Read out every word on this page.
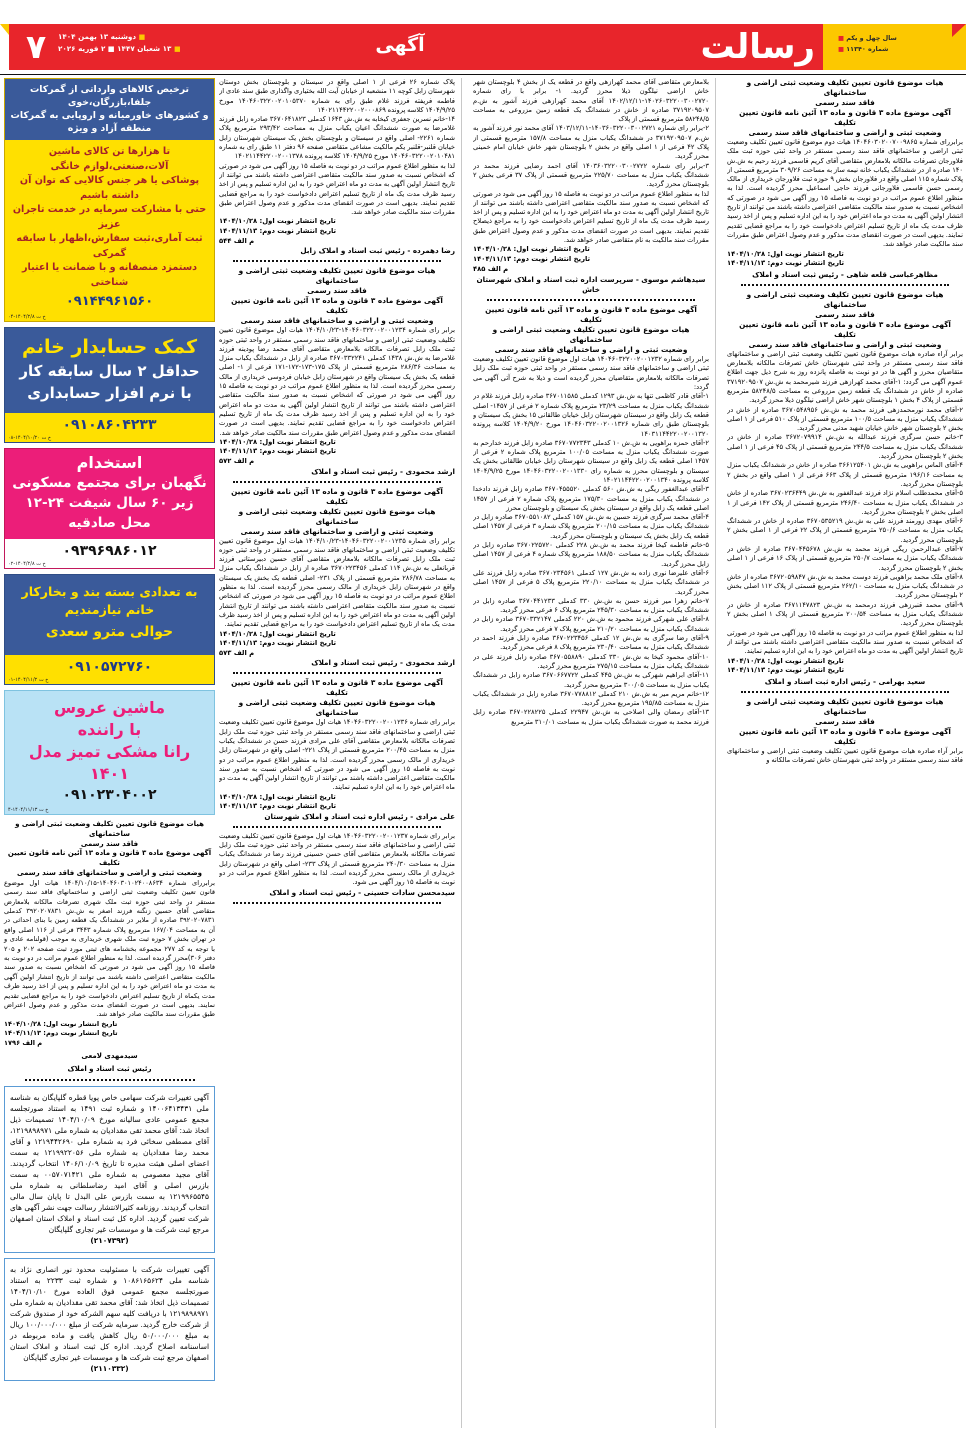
۷	■ دوشنبه ۱۳ بهمن ۱۴۰۴
■ ۱۳ شعبان ۱۴۴۷ ■ ۲ فوریه ۲۰۲۶	آگهی	رسالت	سال چهل و یکم ■
شماره ۱۱۳۴۰ ■
ترخیص کالاهای وارداتی از گمرکات جلفا،بازرگان،خوی
و کشورهای خاورمیانه و اروپایی به گمرکات منطقه آزاد و ویژه
تا هزارها تن کالای ماشین آلات،صنعتی،لوازم خانگی
پوشاکی یا هر جنس کالایی که توان آن داشته باشیم
حتی با مشارکت سرمایه در خدمت تاجران عزیز
ثبت آماری،ثبت سفارش،اظهار با سابقه گمرکی
دستمزد منصفانه و با ضمانت یا اعتبار شناختی
۰۹۱۴۴۹۶۱۵۶۰
خ ت ۱۴۰۴/۲/۸-۰۴
کمک حسابدار خانم
حداقل ۲ سال سابقه کار
با نرم افزار حسابداری
۰۹۱۰۸۶۰۴۲۳۳
خ ت ۱۴۰۴/۱۰/۲۰-۰۸
استخدام
نگهبان برای مجتمع مسکونی
زیر ۶۰ سال شیفت ۲۴-۱۲ محل صادقیه
۰۹۳۹۶۹۸۶۰۱۲
خ ت ۱۴۰۴/۲/۸-۰۲
به تعدادی بسته بند و بخارکار خانم نیازمندیم
حوالی مترو سعدی
۰۹۱۰۵۷۲۷۶۰
خ ت ۱۴۰۴/۱۱/۲-۰۱
ماشین عروس
با راننده
رانا مشکی تمیز مدل ۱۴۰۱
۰۹۱۰۲۳۰۴۰۰۲
خ ت ۱۴۰۴/۱۱/۱۳-۴
هیات موضوع قانون تعیین تکلیف وضعیت ثبتی اراضی و ساختمانهای
فاقد سند رسمی
آگهی موضوع ماده ۳ قانون و ماده ۱۳ آئین نامه قانون تعیین تکلیف
وضعیت ثبتی و اراضی و ساختمانهای فاقد سند رسمی
برابررای شماره ۱۴۰۴۶۰۳۰۱۰۲۴۰۰۸۶۳۴-۱۴۰۴/۱۰/۱۵ هیات اول موضوع قانون تعیین تکلیف وضعیت ثبتی اراضی و ساختمانهای فاقد سند رسمی مستقر در واحد ثبتی حوزه ثبت ملک شهری تصرفات مالکانه بلامعارض متقاضی آقای حسین زنگنه فرزند اصغر به ش.ش ۳۹۲۰۲۰۷۸۳۱ کدملی ۳۹۲۰۲۰۷۸۳۱ صادره از ملایر در ششدانگ یک قطعه زمین با بنای احداثی در آن به مساحت ۱۶۷/۰۴ مترمربع پلاک شماره ۳۴۴۳ فرعی از ۱۱۶ اصلی واقع در تهران بخش ۷ حوزه ثبت ملک شهری خریداری به موجب (قولنامه عادی و با توجه به کد ۲۷۷ مجموعه بخشنامه های ثبتی مورد ثبت صفحه ۲۰۲ و ۲۰۵ دفتر ۳۰۶)محرز گردیده است. لذا به منظور اطلاع عموم مراتب در دو نوبت به فاصله ۱۵ روز آگهی می شود در صورتی که اشخاص نسبت به صدور سند مالکیت متقاضی اعتراضی داشته باشند می توانند از تاریخ انتشار اولین آگهی به مدت دو ماه اعتراض خود را به این اداره تسلیم و پس از اخذ رسید ظرف مدت یکماه از تاریخ تسلیم اعتراض دادخواست خود را به مراجع قضایی تقدیم نمایند. بدیهی است در صورت انقضای مدت مذکور و عدم وصول اعتراض طبق مقررات سند مالکیت صادر خواهد شد.
تاریخ انتشار نوبت اول: ۱۴۰۴/۱۰/۲۸
تاریخ انتشار نوبت دوم: ۱۴۰۴/۱۱/۱۳
م الف ۱۷۹۶
سیدمهدی لامعی
رئیس ثبت اسناد و املاک
آگهی تغییرات شرکت سهامی خاص پویا قطره گلپایگان به شناسه ملی ۱۴۰۰۶۴۱۳۴۳۱ و شماره ثبت ۱۴۹۱ به استناد صورتجلسه مجمع عمومی عادی سالیانه مورخ ۱۴۰۴/۱۰/۰۹ تصمیمات ذیل اتخاذ شد: آقای محمد تقی مقدادیان به شماره ملی ۱۲۱۹۸۹۸۹۷۱، آقای مصطفی سخائی فرد به شماره ملی ۱۲۱۹۴۴۲۶۹۰ و آقای محمد رضا مقدادیان به شماره ملی ۱۲۱۹۹۲۲۰۵۶ به سمت اعضای اصلی هیئت مدیره تا تاریخ ۱۴۰۶/۱۰/۰۹ انتخاب گردیدند. آقای مجید معصومی به شماره ملی ۰۰۵۷۰۷۱۴۲۱ به سمت بازرس اصلی و آقای امید رضاسلطانی به شماره ملی ۱۲۱۹۹۶۵۵۴۵ به سمت بازرس علی البدل تا پایان سال مالی انتخاب گردیدند. روزنامه کثیرالانتشار رسالت جهت نشر آگهی های شرکت تعیین گردید. اداره کل ثبت اسناد و املاک استان اصفهان مرجع ثبت شرکت ها و موسسات غیر تجاری گلپایگان
(۲۱۰۷۳۹۲)
آگهی تغییرات شرکت با مسئولیت محدود نور انصاری نژاد به شناسه ملی ۱۰۸۶۱۶۵۶۲۴ و شماره ثبت ۲۲۳۳ به استناد صورتجلسه مجمع عمومی فوق العاده مورخ ۱۴۰۴/۱۰/۱۰ تصمیمات ذیل اتخاذ شد: آقای محمد تقی مقدادیان به شماره ملی ۱۲۱۹۸۹۸۹۷۱ با دریافت کلیه سهم الشرکه خود از صندوق شرکت از شرکت خارج گردید. سرمایه شرکت از مبلغ ۱۰۰/۰۰۰/۰۰۰ ریال به مبلغ ۵۰/۰۰۰/۰۰۰ ریال کاهش یافت و ماده مربوطه در اساسنامه اصلاح گردید. اداره کل ثبت اسناد و املاک استان اصفهان مرجع ثبت شرکت ها و موسسات غیر تجاری گلپایگان
(۲۱۱۰۳۳۲)
هیات موضوع قانون تعیین تکلیف وضعیت ثبتی اراضی و ساختمانهای
فاقد سند رسمی
آگهی موضوع ماده ۳ قانون و ماده ۱۳ آئین نامه قانون تعیین تکلیف
وضعیت ثبتی و اراضی و ساختمانهای فاقد سند رسمی
برابررای شماره ۱۴۰۴۶۰۳۰۲۰۰۷۰۰۹۸۶۵ هیات دوم موضوع قانون تعیین تکلیف وضعیت ثبتی اراضی و ساختمانهای فاقد سند رسمی مستقر در واحد ثبتی حوزه ثبت ملک فلاورجان تصرفات مالکانه بلامعارض متقاضی آقای کریم قاسمی فرزند رحیم به ش.ش ۱۴۰ صادره از در ششدانگ یکباب خانه نیمه ساز به مساحت ۳۰۹/۲۶ مترمربع قسمتی از پلاک شماره ۱۱۵ اصلی واقع در فلاورجان بخش ۹ حوزه ثبت فلاورجان خریداری از مالک رسمی حسن قاسمی فلاورجانی فرزند حاجی اسماعیل محرز گردیده است. لذا به منظور اطلاع عموم مراتب در دو نوبت به فاصله ۱۵ روز آگهی می شود در صورتی که اشخاص نسبت به صدور سند مالکیت متقاضی اعتراضی داشته باشند می توانند از تاریخ انتشار اولین آگهی به مدت دو ماه اعتراض خود را به این اداره تسلیم و پس از اخذ رسید ظرف مدت یک ماه از تاریخ تسلیم اعتراض دادخواست خود را به مراجع قضایی تقدیم نمایند. بدیهی است در صورت انقضای مدت مذکور و عدم وصول اعتراض طبق مقررات سند مالکیت صادر خواهد شد.
تاریخ انتشار نوبت اول: ۱۴۰۴/۱۰/۲۸
تاریخ انتشار نوبت دوم: ۱۴۰۴/۱۱/۱۳
مظاهرعباسی قلعه شاهی - رئیس ثبت اسناد و املاک
هیات موضوع قانون تعیین تکلیف وضعیت ثبتی اراضی و ساختمانهای
فاقد سند رسمی
آگهی موضوع ماده ۳ قانون و ماده ۱۳ آئین نامه قانون تعیین تکلیف
وضعیت ثبتی و اراضی و ساختمانهای فاقد سند رسمی
برابر آراء صادره هیات موضوع قانون تعیین تکلیف وضعیت ثبتی اراضی و ساختمانهای فاقد سند رسمی مستقر در واحد ثبتی شهرستان خاش تصرفات مالکانه بلامعارض متقاضیان محرز و آگهی ها در دو نوبت به فاصله پانزده روز به شرح ذیل جهت اطلاع عموم آگهی می گردد: ۱-آقای محمد کهرازهی فرزند شیرمحمد به ش.ش ۳۷۱۹۲۰۹۵۰۷ صادره از خاش در ششدانگ یک قطعه زمین مزروعی به مساحت ۵۸۲۴۸/۵ مترمربع قسمتی از پلاک ۴ بخش ۱ بلوچستان شهر خاش اراضی نیلگون ذیلا محرز گردید.
۲-آقای محمد نورمحمدزهی فرزند محمد به ش.ش ۳۶۷۰۵۴۸۹۵۶ صادره از خاش در ششدانگ یکباب منزل به مساحت ۱۰۰/۵ مترمربع قسمتی از پلاک ۵۱۰ فرعی از ۱ اصلی بخش ۲ بلوچستان شهر خاش خیابان شهید مدنی محرز گردید.
۳-خانم حسن سرگزی فرزند عبدالله به ش.ش ۳۶۷۲۰۷۹۹۱۴ صادره از خاش در ششدانگ یکباب منزل به مساحت ۲۴۴/۵ مترمربع قسمتی از پلاک ۴۵ فرعی از ۱ اصلی بخش ۲ بلوچستان محرز گردید.
۴-آقای الماس براهویی به ش.ش ۳۶۶۱۲۵۴۰۱ صادره از خاش در ششدانگ یکباب منزل به مساحت ۱۹۶/۱۶ مترمربع قسمتی از پلاک ۶۶۳ فرعی از ۱ اصلی واقع در بخش ۲ بلوچستان محرز گردید.
۵-آقای محمدطلب اسلام نژاد فرزند عبدالغفور به ش.ش ۳۶۷۰۲۳۶۴۴۹ صادره از خاش در ششدانگ یکباب منزل به مساحت ۲۴۶/۴۰ مترمربع قسمتی از پلاک ۱۴۲ فرعی از ۱ اصلی بخش ۲ بلوچستان محرز گردید.
۶-آقای مهدی زورمند فرزند علی به ش.ش ۳۶۷۰۵۳۵۲۱۹ صادره از خاش در ششدانگ یکباب منزل به مساحت ۲۵۰/۶ مترمربع قسمتی از پلاک ۲۲ فرعی از ۱ اصلی بخش ۲ بلوچستان محرز گردید.
۷-آقای عبدالرحمن ریگی فرزند محمد به ش.ش ۳۶۷۰۴۴۵۶۷۸ صادره از خاش در ششدانگ یکباب منزل به مساحت ۲۵۰/۷ مترمربع قسمتی از پلاک ۱۶ فرعی از ۱ اصلی بخش ۲ بلوچستان محرز گردید.
۸-آقای ملک محمد براهویی فرزند دوست محمد به ش.ش ۳۶۷۲۰۵۹۸۴۷ صادره از خاش در ششدانگ یکباب منزل به مساحت ۲۶۲/۱۰ مترمربع قسمتی از پلاک ۱۱۲ اصلی بخش ۲ بلوچستان محرز گردید.
۹-آقای محمد قنبرزهی فرزند درمحمد به ش.ش ۳۶۷۱۱۴۷۸۲۳ صادره از خاش در ششدانگ یکباب منزل به مساحت ۲۰۰/۵۴ مترمربع قسمتی از پلاک ۱ اصلی بخش ۲ بلوچستان محرز گردید.
لذا به منظور اطلاع عموم مراتب در دو نوبت به فاصله ۱۵ روز آگهی می شود در صورتی که اشخاص نسبت به صدور سند مالکیت متقاضی اعتراضی داشته باشند می توانند از تاریخ انتشار اولین آگهی به مدت دو ماه اعتراض خود را به این اداره تسلیم نمایند.
تاریخ انتشار نوبت اول: ۱۴۰۴/۱۰/۲۸
تاریخ انتشار نوبت دوم: ۱۴۰۴/۱۱/۱۳
سعید بهرامی - رئیس اداره ثبت اسناد و املاک
هیات موضوع قانون تعیین تکلیف وضعیت ثبتی اراضی و ساختمانهای
فاقد سند رسمی
آگهی موضوع ماده ۳ قانون و ماده ۱۳ آئین نامه قانون تعیین تکلیف
برابر آراء صادره هیات موضوع قانون تعیین تکلیف وضعیت ثبتی اراضی و ساختمانهای فاقد سند رسمی مستقر در واحد ثبتی شهرستان خاش تصرفات مالکانه و
بلامعارض متقاضی آقای محمد کهرازهی واقع در قطعه یک از بخش ۴ بلوچستان شهر خاش اراضی نیلگون ذیلا محرز گردید. ۱- برابر با رای شماره ۱۴۰۲۶۰۳۲۲۰۰۳۰۰۲۷۲۰-۱۴۰۲/۱۲/۱۱ آقای محمد کهرازهی فرزند آشور به ش.م ۳۷۱۹۲۰۹۵۰۷ صادره از خاش در ششدانگ یک قطعه زمین مزروعی به مساحت ۵۸۲۴۸/۵ مترمربع قسمتی از پلاک
۲-برابر رای شماره ۱۴۰۳۶۰۳۲۲۰۰۳۰۰۲۷۲۱-۱۴۰۳/۱۲/۱۱ آقای محمد نور فرزند آشور به ش.م ۳۷۱۹۲۰۹۵۰۷ در ششدانگ یکباب منزل به مساحت ۱۵۷/۸ مترمربع قسمتی از پلاک ۴۲ فرعی از ۱ اصلی واقع در بخش ۲ بلوچستان شهر خاش خیابان امام خمینی محرز گردید.
۳-برابر رای شماره ۱۴۰۳۶۰۳۲۲۰۰۳۰۰۲۷۲۲ آقای احمد رضایی فرزند محمد در ششدانگ یکباب منزل به مساحت ۲۲۵/۷۰ مترمربع قسمتی از پلاک ۳۷ فرعی بخش ۲ بلوچستان محرز گردید.
لذا به منظور اطلاع عموم مراتب در دو نوبت به فاصله ۱۵ روز آگهی می شود در صورتی که اشخاص نسبت به صدور سند مالکیت متقاضی اعتراضی داشته باشند می توانند از تاریخ انتشار اولین آگهی به مدت دو ماه اعتراض خود را به این اداره تسلیم و پس از اخذ رسید ظرف مدت یک ماه از تاریخ تسلیم اعتراض دادخواست خود را به مراجع ذیصلاح تقدیم نمایند. بدیهی است در صورت انقضای مدت مذکور و عدم وصول اعتراض طبق مقررات سند مالکیت به نام متقاضی صادر خواهد شد.
تاریخ انتشار نوبت اول: ۱۴۰۴/۱۰/۲۸
تاریخ انتشار نوبت دوم: ۱۴۰۴/۱۱/۱۳
م الف ۴۸۵
سیدهاشم موسوی - سرپرست اداره ثبت اسناد و املاک شهرستان خاش
آگهی موضوع ماده ۳ قانون و ماده ۱۳ آئین نامه قانون تعیین تکلیف
هیات موضوع قانون تعیین تکلیف وضعیت ثبتی اراضی و ساختمانهای
وضعیت ثبتی و اراضی و ساختمانهای فاقد سند رسمی
برابر رای شماره ۱۴۰۴۶۰۳۲۲۰۰۲۰۰۱۲۳۲ هیات اول موضوع قانون تعیین تکلیف وضعیت ثبتی اراضی و ساختمانهای فاقد سند رسمی مستقر در واحد ثبتی حوزه ثبت ملک زابل تصرفات مالکانه بلامعارض متقاضیان محرز گردیده است و ذیلا به شرح آتی آگهی می گردد:
۱-آقای قادر کاظمی تنها به ش.ش ۱۲۹۳ کدملی ۳۶۷۰۱۱۵۸۵ صادره زابل فرزند غلام در ششدانگ یکباب منزل به مساحت ۲۳/۲۹ مترمربع پلاک شماره ۲ فرعی از ۱۴۵۷- اصلی قطعه یک زابل واقع در سیستان شهرستان زابل خیابان طالقانی ۱۵ بخش یک سیستان و بلوچستان طبق رای شماره ۱۴۰۴۶۰۳۲۲۰۰۲۰۰۱۳۲۶ مورخ ۱۴۰۴/۹/۲۰ کلاسه پرونده ۱۴۰۳۱۱۴۴۲۲۰۰۲۰۰۱۳۲۰
۲-آقای حمزه براهویی به ش.ش ۱۰ کدملی ۳۶۷۰۷۷۲۳۴۳ صادره زابل فرزند خدارحم به صورت ششدانگ یکباب منزل به مساحت ۱۰۰/۰۵ مترمربع پلاک شماره ۲ فرعی از ۱۴۵۷ اصلی قطعه یک زابل واقع در سیستان شهرستان زابل خیابان طالقانی بخش یک سیستان و بلوچستان محرز به شماره رای ۱۴۰۴۶۰۳۲۲۰۰۲۰۰۱۳۳۰ مورخ ۱۴۰۴/۹/۲۵ کلاسه پرونده ۱۴۰۲۱۱۴۴۲۲۰۰۲۰۰۱۳۴۰
۳-آقای عبدالغفور ریگی به ش.ش ۵۶۰ کدملی ۳۶۷۰۴۵۵۵۲۰ صادره زابل فرزند دادخدا در ششدانگ یکباب منزل به مساحت ۱۷۵/۳۰ مترمربع پلاک شماره ۲ فرعی از ۱۴۵۷ اصلی قطعه یک زابل واقع در سیستان بخش یک سیستان و بلوچستان محرز
۴-آقای محمد سرگزی فرزند حسین به ش.ش ۱۵۷ کدملی ۳۶۷۰۵۵۱۰۸۲ صادره زابل در ششدانگ یکباب منزل به مساحت ۲۰۰/۱۵ مترمربع پلاک شماره ۳ فرعی از ۱۴۵۷ اصلی قطعه یک زابل بخش یک سیستان و بلوچستان محرز گردید.
۵-خانم فاطمه کیخا فرزند محمد به ش.ش ۲۲۸ کدملی ۳۶۷۰۲۲۵۷۲۰ صادره زابل در ششدانگ یکباب منزل به مساحت ۱۸۸/۵۰ مترمربع پلاک شماره ۴ فرعی از ۱۴۵۷ اصلی زابل محرز گردید.
۶-آقای علیرضا نوری زاده به ش.ش ۱۲۷ کدملی ۳۶۷۰۲۳۴۵۶۱ صادره زابل فرزند علی در ششدانگ یکباب منزل به مساحت ۲۲۰/۱۰ مترمربع پلاک ۵ فرعی از ۱۴۵۷ اصلی محرز گردید.
۷-خانم زهرا میر فرزند حسن به ش.ش ۳۳۰ کدملی ۳۶۷۰۴۴۱۲۳۳ صادره زابل در ششدانگ یکباب منزل به مساحت ۲۴۵/۳۰ مترمربع پلاک ۶ فرعی محرز گردید.
۸-آقای علی شهرکی فرزند محمود به ش.ش ۲۲۰ کدملی ۳۶۷۰۳۳۲۱۴۷ صادره زابل در ششدانگ یکباب منزل به مساحت ۲۱۰/۲۰ مترمربع پلاک ۷ فرعی محرز گردید.
۹-آقای رضا سرگزی به ش.ش ۱۲ کدملی ۳۶۷۰۲۲۳۴۵۶ صادره زابل فرزند احمد در ششدانگ یکباب منزل به مساحت ۲۳۰/۴۰ مترمربع پلاک ۸ فرعی محرز گردید.
۱۰-آقای محمود کیخا به ش.ش ۳۳۰ کدملی ۳۶۷۰۵۵۸۸۹۰ صادره زابل فرزند علی در ششدانگ یکباب منزل به مساحت ۲۷۵/۱۵ مترمربع محرز گردید.
۱۱-آقای ابراهیم شهرکی به ش.ش ۴۴۵ کدملی ۳۶۷۰۶۶۷۷۲۲ صادره زابل در ششدانگ یکباب منزل به مساحت ۳۰۰/۰۵ مترمربع محرز گردید.
۱۲-خانم مریم میر به ش.ش ۲۱۰ کدملی ۳۶۷۰۷۷۸۸۱۲ صادره زابل در ششدانگ یکباب منزل به مساحت ۱۹۵/۸۵ مترمربع محرز گردید.
۱۳-آقای رمضان والی اصلاحی به ش.ش ۲۲۹۴۷ کدملی ۳۶۷۰۲۲۸۲۲۵ صادره زابل فرزند محمد به صورت ششدانگ یکباب منزل به مساحت ۳۱۰/۰۱ مترمربع
پلاک شماره ۲۶ فرعی از ۱ اصلی واقع در سیستان و بلوچستان بخش دوستان شهرستان زابل کوچه ۱۱ منشعبه از خیابان آیت الله بختیاری واگذاری طبق سند عادی از فاطمه فریفته فرزند غلام طبق رای به شماره ۱۴۰۴۶۰۳۲۲۰۰۲۰۱۰۵۳۷۰ مورخ ۱۴۰۴/۹/۲۵ کلاسه پرونده ۱۴۰۲۱۱۴۴۲۲۰۰۲۰۰۰۸۶۹
۱۴-خانم نسرین جعفری کیخابه به ش.ش ۱۶۴۳ کدملی ۳۶۷۰۶۴۱۸۲۳ صادره زابل فرزند غلامرضا به صورت ششدانگ اعیان یکباب منزل به مساحت ۲۹۳/۴۲ مترمربع پلاک شماره ۲۲۶۱- اصلی واقع در سیستان و بلوچستان بخش یک سیستان شهرستان زابل خیابان قلنبر-قلنبر یکم مالکیت مشاعی متقاضی صفحه ۹۶ دفتر ۱۱ طبق رای به شماره ۱۴۰۴۶۰۳۲۲۰۰۲۰۱۰۴۸۱ مورخ ۱۴۰۴/۹/۲۵ کلاسه پرونده ۱۴۰۲۱۱۴۴۲۲۰۰۲۰۰۱۳۷۸
لذا به منظور اطلاع عموم مراتب در دو نوبت به فاصله ۱۵ روز آگهی می شود در صورتی که اشخاص نسبت به صدور سند مالکیت متقاضی اعتراضی داشته باشند می توانند از تاریخ انتشار اولین آگهی به مدت دو ماه اعتراض خود را به این اداره تسلیم و پس از اخذ رسید ظرف مدت یک ماه از تاریخ تسلیم اعتراض دادخواست خود را به مراجع قضایی تقدیم نمایند. بدیهی است در صورت انقضای مدت مذکور و عدم وصول اعتراض طبق مقررات سند مالکیت صادر خواهد شد.
تاریخ انتشار نوبت اول: ۱۴۰۴/۱۰/۲۸
تاریخ انتشار نوبت دوم: ۱۴۰۴/۱۱/۱۳
م الف ۵۴۴
رضا دهمرده - رئیس ثبت اسناد و املاک زابل
هیات موضوع قانون تعیین تکلیف وضعیت ثبتی اراضی و ساختمانهای
فاقد سند رسمی
آگهی موضوع ماده ۳ قانون و ماده ۱۳ آئین نامه قانون تعیین تکلیف
وضعیت ثبتی و اراضی و ساختمانهای فاقد سند رسمی
برابر رای شماره ۱۴۰۴۶۰۳۲۲۰۰۲۰۰۱۲۳۴-۱۴۰۴/۱۰/۲۳ هیات اول موضوع قانون تعیین تکلیف وضعیت ثبتی اراضی و ساختمانهای فاقد سند رسمی مستقر در واحد ثبتی حوزه ثبت ملک زابل تصرفات مالکانه بلامعارض متقاضی آقای محمد رضا پودینه فرزند غلامرضا به ش.ش ۱۴۳۸ کدملی ۳۶۷۰۳۳۲۲۴۱ صادره از زابل در ششدانگ یکباب منزل به مساحت ۲۸۶/۳۶ مترمربع قسمتی از پلاک ۱۷۵-۱۷۳-۱۷۲-۱۷۱ فرعی از ۱- اصلی قطعه یک بخش یک سیستان واقع در شهرستان زابل خیابان فردوسی خریداری از مالک رسمی محرز گردیده است. لذا به منظور اطلاع عموم مراتب در دو نوبت به فاصله ۱۵ روز آگهی می شود در صورتی که اشخاص نسبت به صدور سند مالکیت متقاضی اعتراضی داشته باشند می توانند از تاریخ انتشار اولین آگهی به مدت دو ماه اعتراض خود را به این اداره تسلیم و پس از اخذ رسید ظرف مدت یک ماه از تاریخ تسلیم اعتراض دادخواست خود را به مراجع قضایی تقدیم نمایند. بدیهی است در صورت انقضای مدت مذکور و عدم وصول اعتراض طبق مقررات سند مالکیت صادر خواهد شد.
تاریخ انتشار نوبت اول: ۱۴۰۴/۱۰/۲۸
تاریخ انتشار نوبت دوم: ۱۴۰۴/۱۱/۱۳
م الف ۵۷۲
ارشد محمودی - رئیس ثبت اسناد و املاک
آگهی موضوع ماده ۳ قانون و ماده ۱۳ آئین نامه قانون تعیین تکلیف
هیات موضوع قانون تعیین تکلیف وضعیت ثبتی اراضی و ساختمانهای
وضعیت ثبتی و اراضی و ساختمانهای فاقد سند رسمی
برابر رای شماره ۱۴۰۴۶۰۳۲۲۰۰۲۰۰۱۲۳۵-۱۴۰۴/۱۰/۲۳ هیات اول موضوع قانون تعیین تکلیف وضعیت ثبتی اراضی و ساختمانهای فاقد سند رسمی مستقر در واحد ثبتی حوزه ثبت ملک زابل تصرفات مالکانه بلامعارض متقاضی آقای حسین دبیرستانی فرزند قربانعلی به ش.ش ۱۱۴ کدملی ۳۶۷۰۲۲۳۴۵۶ صادره از زابل در ششدانگ یکباب منزل به مساحت ۲۸۶/۷۸ مترمربع قسمتی از پلاک ۲۳۱- اصلی قطعه یک بخش یک سیستان واقع در شهرستان زابل خریداری از مالک رسمی محرز گردیده است. لذا به منظور اطلاع عموم مراتب در دو نوبت به فاصله ۱۵ روز آگهی می شود در صورتی که اشخاص نسبت به صدور سند مالکیت متقاضی اعتراضی داشته باشند می توانند از تاریخ انتشار اولین آگهی به مدت دو ماه اعتراض خود را به این اداره تسلیم و پس از اخذ رسید ظرف مدت یک ماه از تاریخ تسلیم اعتراض دادخواست خود را به مراجع قضایی تقدیم نمایند.
تاریخ انتشار نوبت اول: ۱۴۰۴/۱۰/۲۸
تاریخ انتشار نوبت دوم: ۱۴۰۴/۱۱/۱۳
م الف ۵۷۳
ارشد محمودی - رئیس ثبت اسناد و املاک
آگهی موضوع ماده ۳ قانون و ماده ۱۳ آئین نامه قانون تعیین تکلیف
هیات موضوع قانون تعیین تکلیف وضعیت ثبتی اراضی و ساختمانهای
برابر رای شماره ۱۴۰۴۶۰۳۲۲۰۰۲۰۰۱۲۳۶ هیات اول موضوع قانون تعیین تکلیف وضعیت ثبتی اراضی و ساختمانهای فاقد سند رسمی مستقر در واحد ثبتی حوزه ثبت ملک زابل تصرفات مالکانه بلامعارض متقاضی آقای علی مرادی فرزند حسن در ششدانگ یکباب منزل به مساحت ۲۰۰/۴۵ مترمربع قسمتی از پلاک ۲۲۱- اصلی واقع در شهرستان زابل خریداری از مالک رسمی محرز گردیده است. لذا به منظور اطلاع عموم مراتب در دو نوبت به فاصله ۱۵ روز آگهی می شود در صورتی که اشخاص نسبت به صدور سند مالکیت متقاضی اعتراضی داشته باشند می توانند از تاریخ انتشار اولین آگهی به مدت دو ماه اعتراض خود را به این اداره تسلیم نمایند.
تاریخ انتشار نوبت اول: ۱۴۰۴/۱۰/۲۸
تاریخ انتشار نوبت دوم: ۱۴۰۴/۱۱/۱۳
علی مرادی - رئیس اداره ثبت اسناد و املاک شهرستان
برابر رای شماره ۱۴۰۴۶۰۳۲۲۰۰۲۰۰۱۲۳۷ هیات اول موضوع قانون تعیین تکلیف وضعیت ثبتی اراضی و ساختمانهای فاقد سند رسمی مستقر در واحد ثبتی حوزه ثبت ملک زابل تصرفات مالکانه بلامعارض متقاضی آقای حسن حسینی فرزند رضا در ششدانگ یکباب منزل به مساحت ۲۴۰/۳۰ مترمربع قسمتی از پلاک ۲۳۳- اصلی واقع در شهرستان زابل خریداری از مالک رسمی محرز گردیده است. لذا به منظور اطلاع عموم مراتب در دو نوبت به فاصله ۱۵ روز آگهی می شود.
سیدمحسن سادات حسینی - رئیس ثبت اسناد و املاک
